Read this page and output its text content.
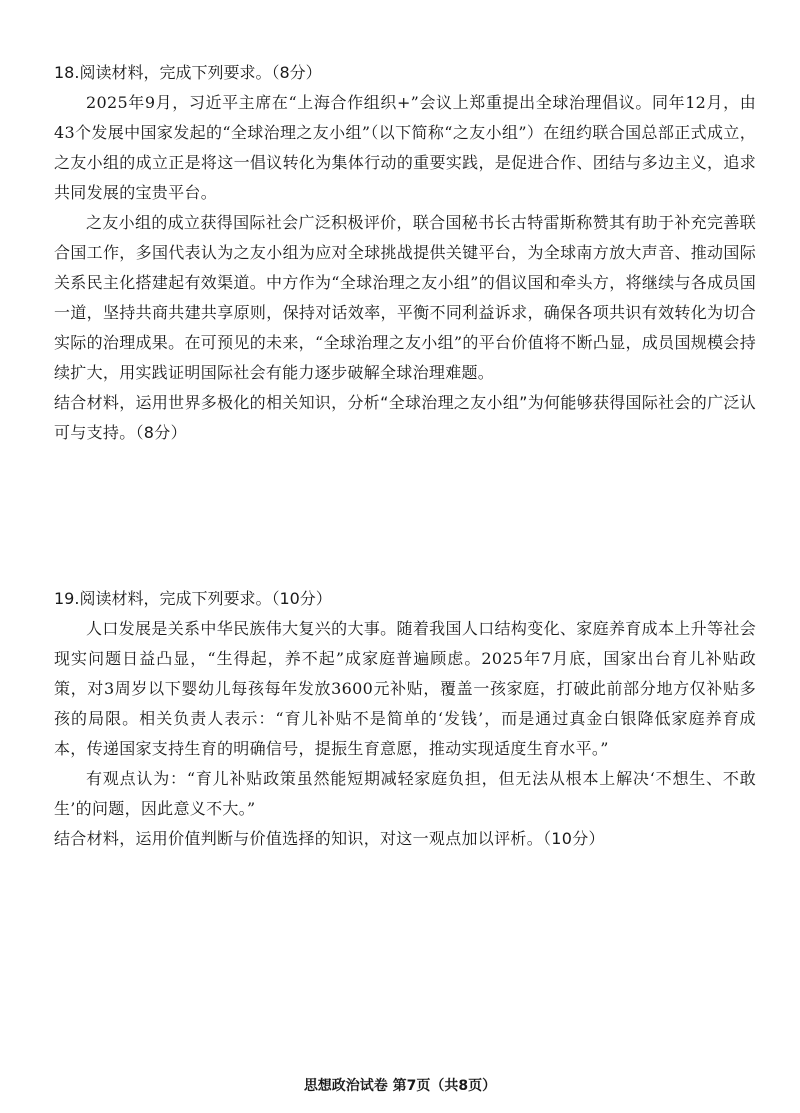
18.阅读材料，完成下列要求。（8分）

2025年9月，习近平主席在“上海合作组织+”会议上郑重提出全球治理倡议。同年12月，由43个发展中国家发起的“全球治理之友小组”（以下简称“之友小组”）在纽约联合国总部正式成立，之友小组的成立正是将这一倡议转化为集体行动的重要实践，是促进合作、团结与多边主义，追求共同发展的宝贵平台。

之友小组的成立获得国际社会广泛积极评价，联合国秘书长古特雷斯称赞其有助于补充完善联合国工作，多国代表认为之友小组为应对全球挑战提供关键平台，为全球南方放大声音、推动国际关系民主化搭建起有效渠道。中方作为“全球治理之友小组”的倡议国和牵头方，将继续与各成员国一道，坚持共商共建共享原则，保持对话效率，平衡不同利益诉求，确保各项共识有效转化为切合实际的治理成果。在可预见的未来，“全球治理之友小组”的平台价值将不断凸显，成员国规模会持续扩大，用实践证明国际社会有能力逐步破解全球治理难题。

结合材料，运用世界多极化的相关知识，分析“全球治理之友小组”为何能够获得国际社会的广泛认可与支持。（8分）

19.阅读材料，完成下列要求。（10分）

人口发展是关系中华民族伟大复兴的大事。随着我国人口结构变化、家庭养育成本上升等社会现实问题日益凸显，“生得起，养不起”成家庭普遍顾虑。2025年7月底，国家出台育儿补贴政策，对3周岁以下婴幼儿每孩每年发放3600元补贴，覆盖一孩家庭，打破此前部分地方仅补贴多孩的局限。相关负责人表示：“育儿补贴不是简单的‘发钱’，而是通过真金白银降低家庭养育成本，传递国家支持生育的明确信号，提振生育意愿，推动实现适度生育水平。”

有观点认为：“育儿补贴政策虽然能短期减轻家庭负担，但无法从根本上解决‘不想生、不敢生’的问题，因此意义不大。”

结合材料，运用价值判断与价值选择的知识，对这一观点加以评析。（10分）

思想政治试卷 第7页（共8页）
